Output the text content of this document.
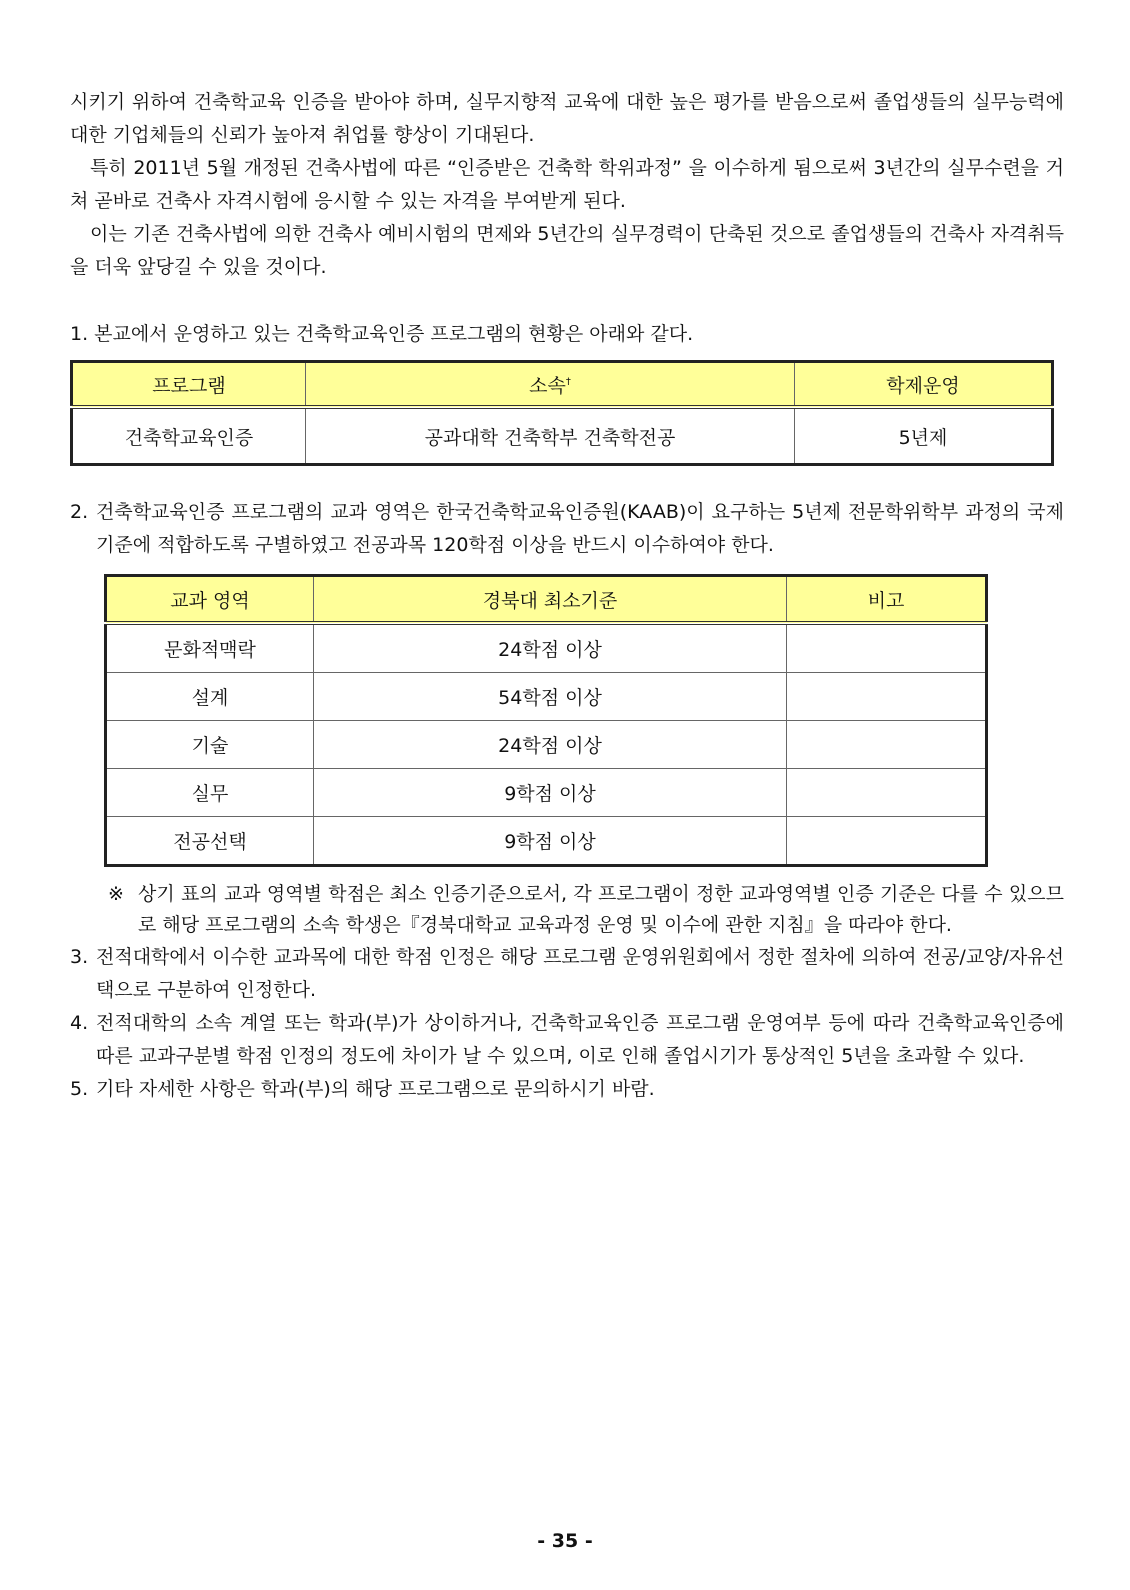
시키기 위하여 건축학교육 인증을 받아야 하며, 실무지향적 교육에 대한 높은 평가를 받음으로써 졸업생들의 실무능력에 대한 기업체들의 신뢰가 높아져 취업률 향상이 기대된다.

특히 2011년 5월 개정된 건축사법에 따른 “인증받은 건축학 학위과정” 을 이수하게 됨으로써 3년간의 실무수련을 거쳐 곧바로 건축사 자격시험에 응시할 수 있는 자격을 부여받게 된다.

이는 기존 건축사법에 의한 건축사 예비시험의 면제와 5년간의 실무경력이 단축된 것으로 졸업생들의 건축사 자격취득을 더욱 앞당길 수 있을 것이다.

1. 본교에서 운영하고 있는 건축학교육인증 프로그램의 현황은 아래와 같다.

프로그램	소속†	학제운영
건축학교육인증	공과대학 건축학부 건축학전공	5년제
2. 건축학교육인증 프로그램의 교과 영역은 한국건축학교육인증원(KAAB)이 요구하는 5년제 전문학위학부 과정의 국제기준에 적합하도록 구별하였고 전공과목 120학점 이상을 반드시 이수하여야 한다.
교과 영역	경북대 최소기준	비고
문화적맥락	24학점 이상	
설계	54학점 이상	
기술	24학점 이상	
실무	9학점 이상	
전공선택	9학점 이상	
※ 상기 표의 교과 영역별 학점은 최소 인증기준으로서, 각 프로그램이 정한 교과영역별 인증 기준은 다를 수 있으므로 해당 프로그램의 소속 학생은『경북대학교 교육과정 운영 및 이수에 관한 지침』을 따라야 한다.
3. 전적대학에서 이수한 교과목에 대한 학점 인정은 해당 프로그램 운영위원회에서 정한 절차에 의하여 전공/교양/자유선택으로 구분하여 인정한다.
4. 전적대학의 소속 계열 또는 학과(부)가 상이하거나, 건축학교육인증 프로그램 운영여부 등에 따라 건축학교육인증에 따른 교과구분별 학점 인정의 정도에 차이가 날 수 있으며, 이로 인해 졸업시기가 통상적인 5년을 초과할 수 있다.
5. 기타 자세한 사항은 학과(부)의 해당 프로그램으로 문의하시기 바람.
- 35 -
